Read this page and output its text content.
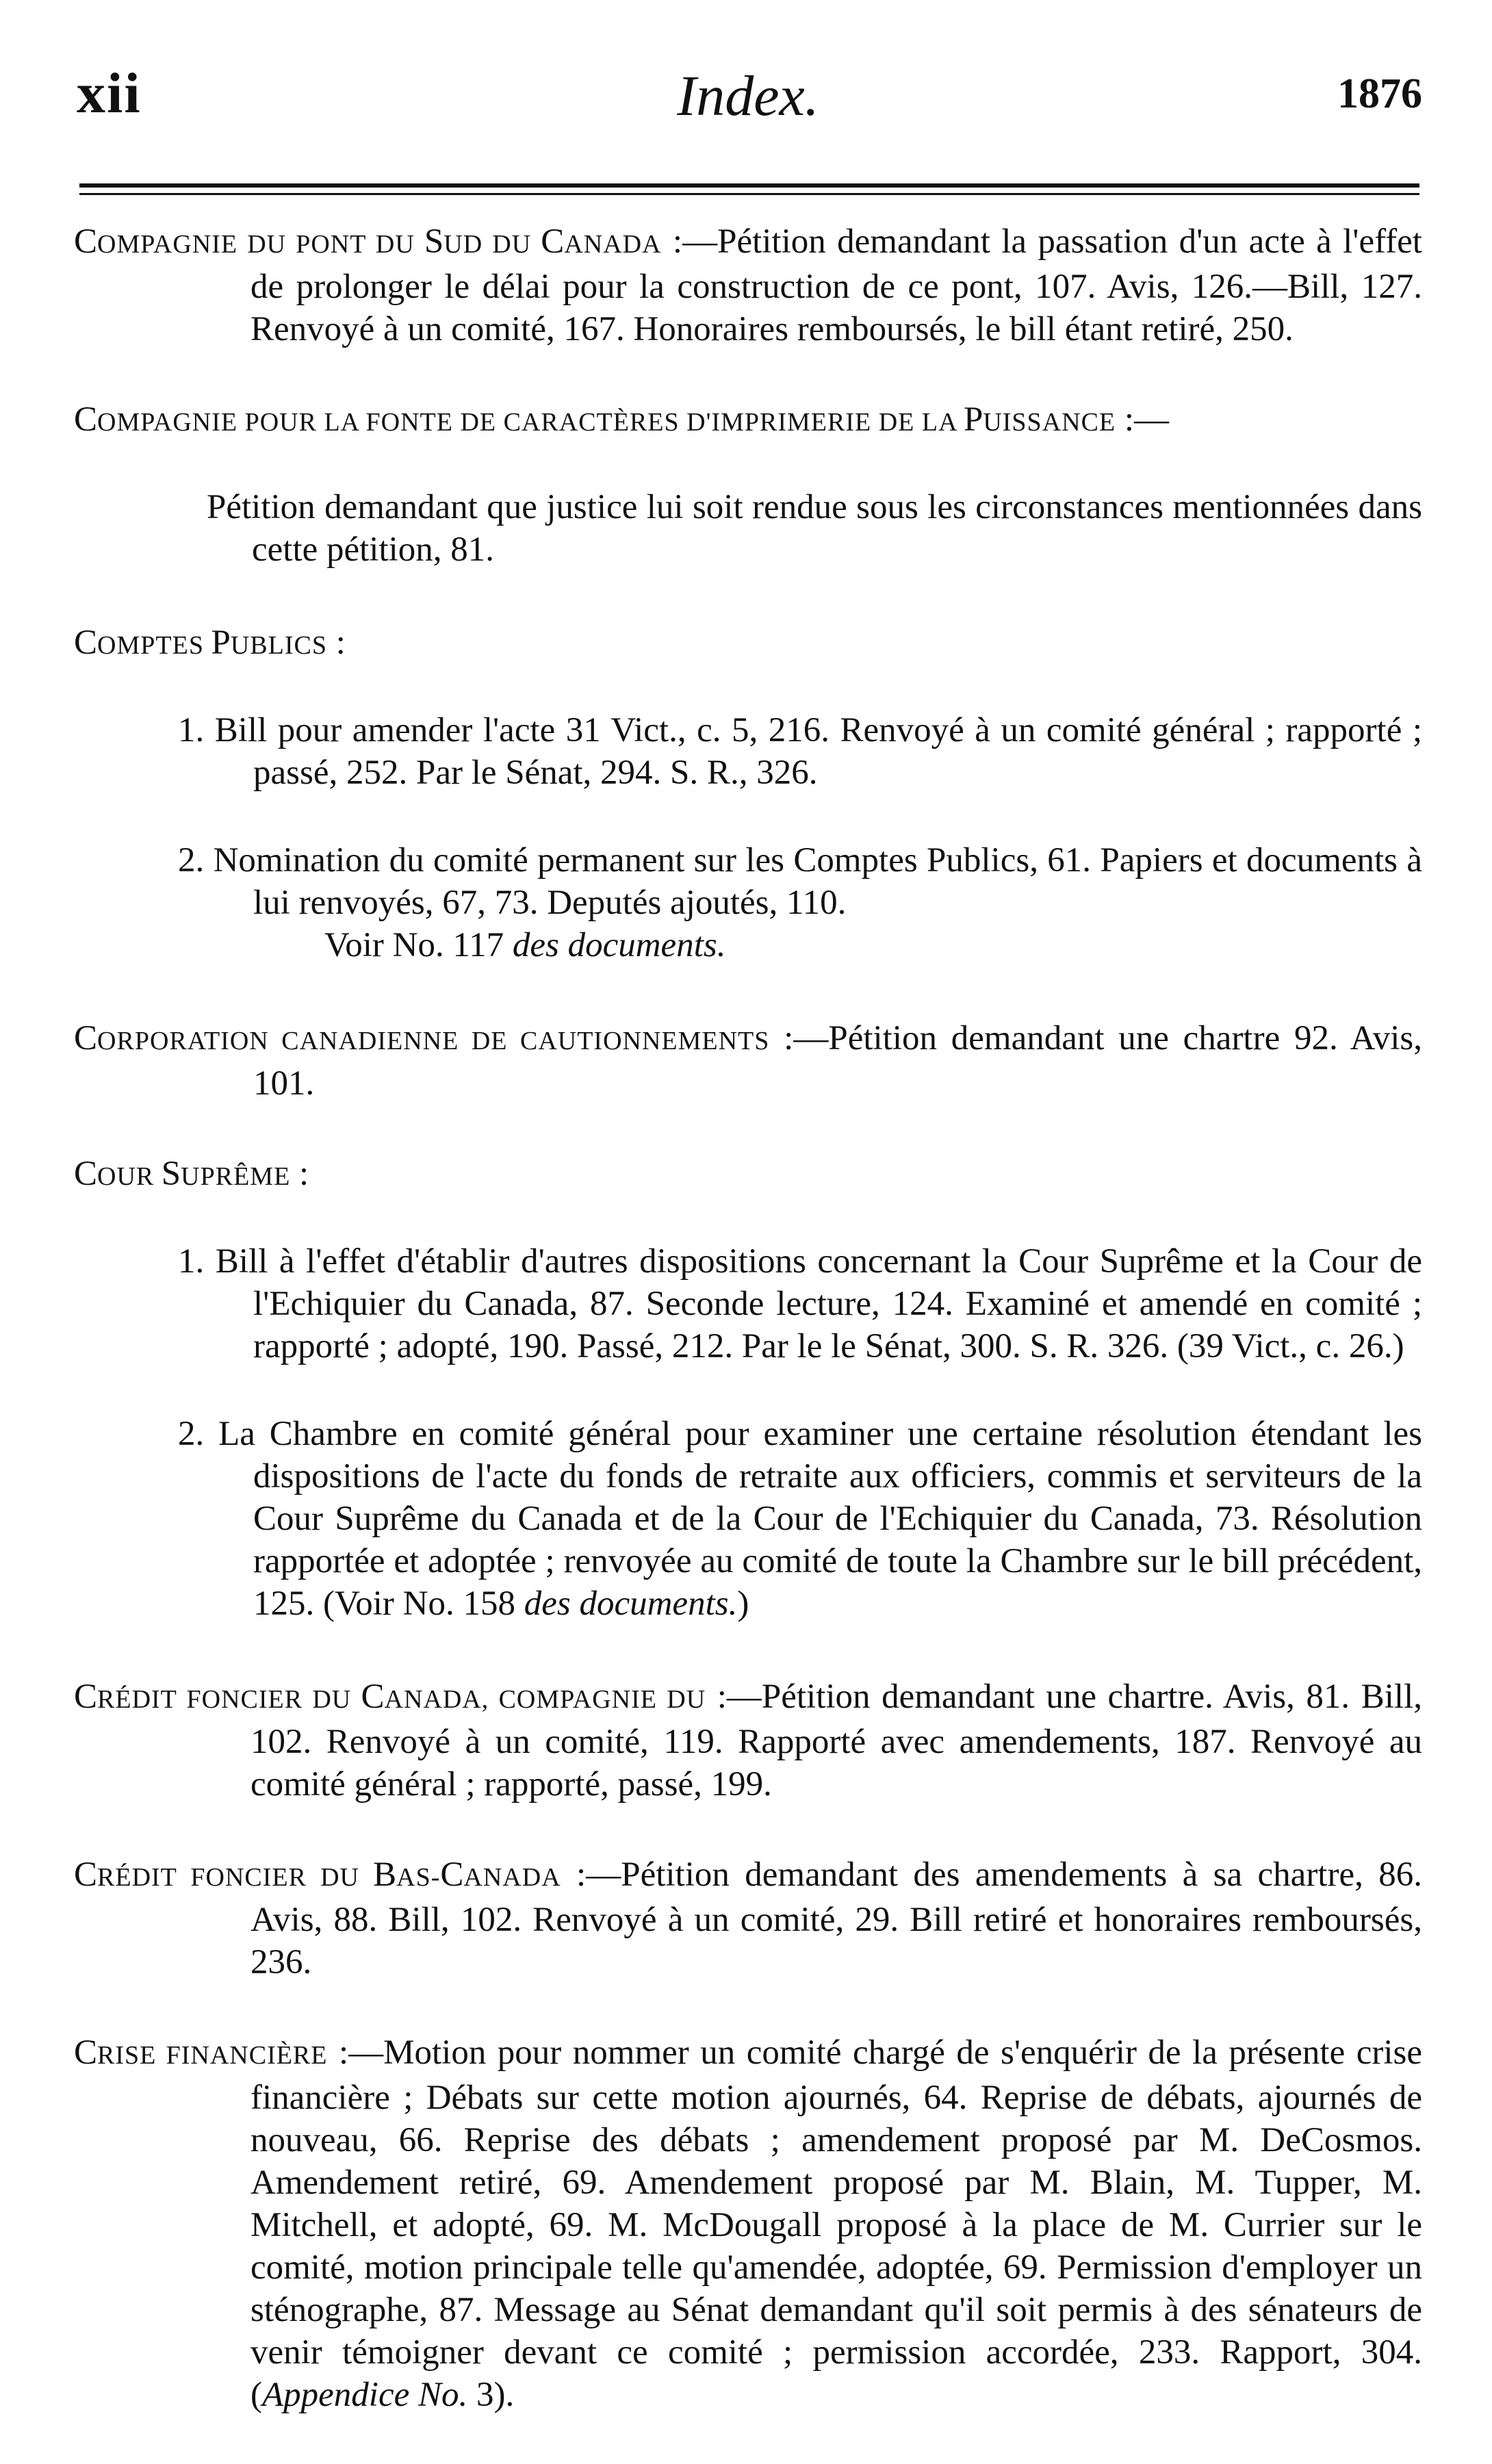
xii	Index.	1876
COMPAGNIE DU PONT DU SUD DU CANADA :—Pétition demandant la passation d'un acte à l'effet de prolonger le délai pour la construction de ce pont, 107. Avis, 126.—Bill, 127. Renvoyé à un comité, 167. Honoraires remboursés, le bill étant retiré, 250.
COMPAGNIE POUR LA FONTE DE CARACTÈRES D'IMPRIMERIE DE LA PUISSANCE :—
Pétition demandant que justice lui soit rendue sous les circonstances mentionnées dans cette pétition, 81.
COMPTES PUBLICS :
1. Bill pour amender l'acte 31 Vict., c. 5, 216. Renvoyé à un comité général ; rapporté ; passé, 252. Par le Sénat, 294. S. R., 326.
2. Nomination du comité permanent sur les Comptes Publics, 61. Papiers et documents à lui renvoyés, 67, 73. Deputés ajoutés, 110.
Voir No. 117 des documents.
CORPORATION CANADIENNE DE CAUTIONNEMENTS :—Pétition demandant une chartre 92. Avis, 101.
COUR SUPRÊME :
1. Bill à l'effet d'établir d'autres dispositions concernant la Cour Suprême et la Cour de l'Echiquier du Canada, 87. Seconde lecture, 124. Examiné et amendé en comité ; rapporté ; adopté, 190. Passé, 212. Par le le Sénat, 300. S. R. 326. (39 Vict., c. 26.)
2. La Chambre en comité général pour examiner une certaine résolution étendant les dispositions de l'acte du fonds de retraite aux officiers, commis et serviteurs de la Cour Suprême du Canada et de la Cour de l'Echiquier du Canada, 73. Résolution rapportée et adoptée ; renvoyée au comité de toute la Chambre sur le bill précédent, 125. (Voir No. 158 des documents.)
CRÉDIT FONCIER DU CANADA, COMPAGNIE DU :—Pétition demandant une chartre. Avis, 81. Bill, 102. Renvoyé à un comité, 119. Rapporté avec amendements, 187. Renvoyé au comité général ; rapporté, passé, 199.
CRÉDIT FONCIER DU BAS-CANADA :—Pétition demandant des amendements à sa chartre, 86. Avis, 88. Bill, 102. Renvoyé à un comité, 29. Bill retiré et honoraires remboursés, 236.
CRISE FINANCIÈRE :—Motion pour nommer un comité chargé de s'enquérir de la présente crise financière ; Débats sur cette motion ajournés, 64. Reprise de débats, ajournés de nouveau, 66. Reprise des débats ; amendement proposé par M. DeCosmos. Amendement retiré, 69. Amendement proposé par M. Blain, M. Tupper, M. Mitchell, et adopté, 69. M. McDougall proposé à la place de M. Currier sur le comité, motion principale telle qu'amendée, adoptée, 69. Permission d'employer un sténographe, 87. Message au Sénat demandant qu'il soit permis à des sénateurs de venir témoigner devant ce comité ; permission accordée, 233. Rapport, 304. (Appendice No. 3).
